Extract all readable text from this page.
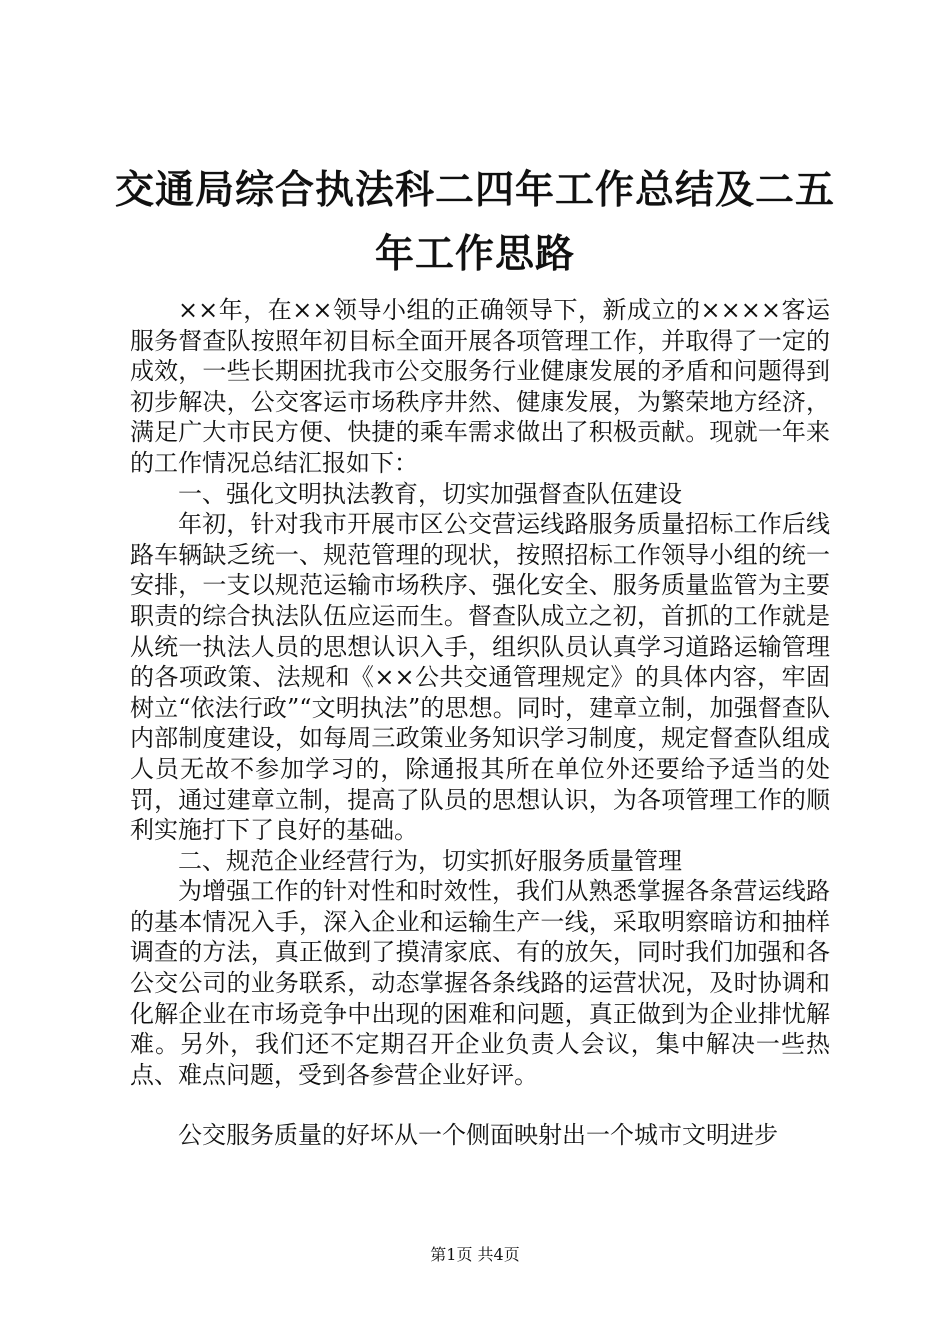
交通局综合执法科二四年工作总结及二五年工作思路

××年，在××领导小组的正确领导下，新成立的××××客运服务督查队按照年初目标全面开展各项管理工作，并取得了一定的成效，一些长期困扰我市公交服务行业健康发展的矛盾和问题得到初步解决，公交客运市场秩序井然、健康发展，为繁荣地方经济，满足广大市民方便、快捷的乘车需求做出了积极贡献。现就一年来的工作情况总结汇报如下：

一、强化文明执法教育，切实加强督查队伍建设

年初，针对我市开展市区公交营运线路服务质量招标工作后线路车辆缺乏统一、规范管理的现状，按照招标工作领导小组的统一安排，一支以规范运输市场秩序、强化安全、服务质量监管为主要职责的综合执法队伍应运而生。督查队成立之初，首抓的工作就是从统一执法人员的思想认识入手，组织队员认真学习道路运输管理的各项政策、法规和《××公共交通管理规定》的具体内容，牢固树立“依法行政”“文明执法”的思想。同时，建章立制，加强督查队内部制度建设，如每周三政策业务知识学习制度，规定督查队组成人员无故不参加学习的，除通报其所在单位外还要给予适当的处罚，通过建章立制，提高了队员的思想认识，为各项管理工作的顺利实施打下了良好的基础。

二、规范企业经营行为，切实抓好服务质量管理

为增强工作的针对性和时效性，我们从熟悉掌握各条营运线路的基本情况入手，深入企业和运输生产一线，采取明察暗访和抽样调查的方法，真正做到了摸清家底、有的放矢，同时我们加强和各公交公司的业务联系，动态掌握各条线路的运营状况，及时协调和化解企业在市场竞争中出现的困难和问题，真正做到为企业排忧解难。另外，我们还不定期召开企业负责人会议，集中解决一些热点、难点问题，受到各参营企业好评。

公交服务质量的好坏从一个侧面映射出一个城市文明进步

第1页 共4页
